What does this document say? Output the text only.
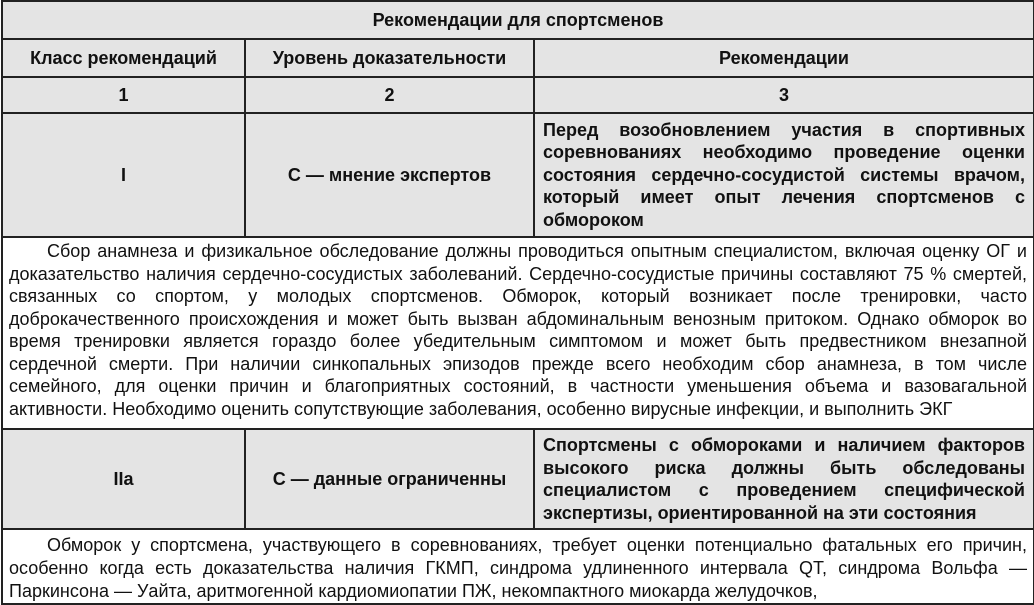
Рекомендации для спортсменов		
Класс рекомендаций	Уровень доказательности	Рекомендации
1	2	3
I	С — мнение экспертов	Перед возобновлением участия в спортивных соревнованиях необходимо проведение оценки состояния сердечно-сосудистой системы врачом, который имеет опыт лечения спортсменов с обмороком
Сбор анамнеза и физикальное обследование должны проводиться опытным специалистом, включая оценку ОГ и доказательство наличия сердечно-сосудистых заболеваний. Сердечно-сосудистые причины составляют 75 % смертей, связанных со спортом, у молодых спортсменов. Обморок, который возникает после тренировки, часто доброкачественного происхождения и может быть вызван абдоминальным венозным притоком. Однако обморок во время тренировки является гораздо более убедительным симптомом и может быть предвестником внезапной сердечной смерти. При наличии синкопальных эпизодов прежде всего необходим сбор анамнеза, в том числе семейного, для оценки причин и благоприятных состояний, в частности уменьшения объема и вазовагальной активности. Необходимо оценить сопутствующие заболевания, особенно вирусные инфекции, и выполнить ЭКГ		
IIa	С — данные ограниченны	Спортсмены с обмороками и наличием факторов высокого риска должны быть обследованы специалистом с проведением специфической экспертизы, ориентированной на эти состояния
Обморок у спортсмена, участвующего в соревнованиях, требует оценки потенциально фатальных его причин, особенно когда есть доказательства наличия ГКМП, синдрома удлиненного интервала QT, синдрома Вольфа — Паркинсона — Уайта, аритмогенной кардиомиопатии ПЖ, некомпактного миокарда желудочков,		
